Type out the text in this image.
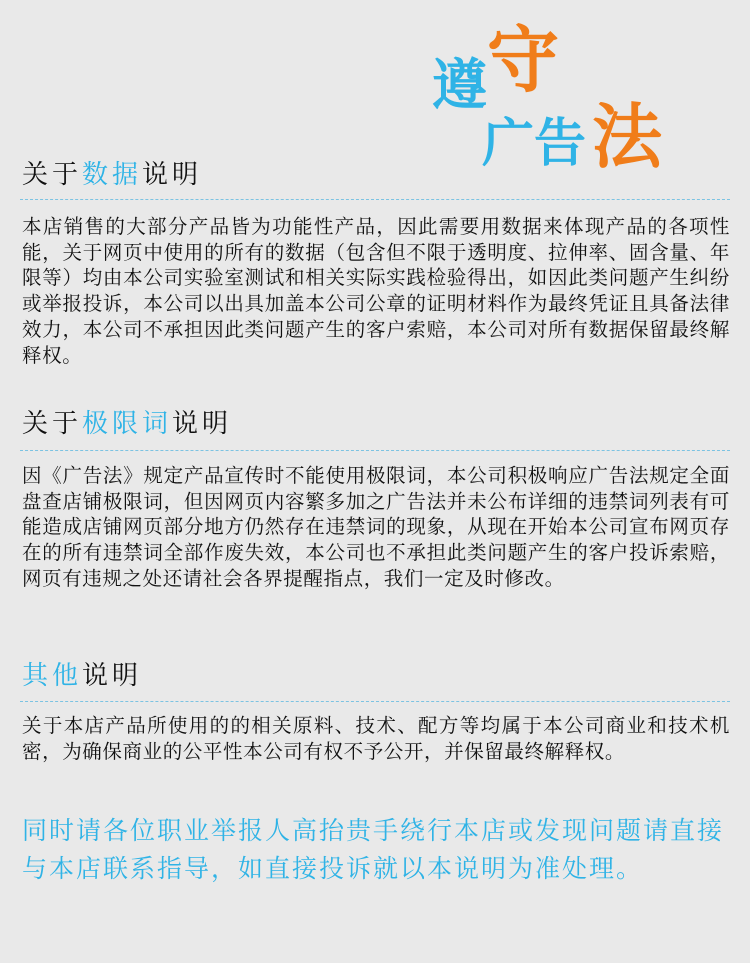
遵 守
广告 法
关于数据说明
本店销售的大部分产品皆为功能性产品，因此需要用数据来体现产品的各项性能，关于网页中使用的所有的数据（包含但不限于透明度、拉伸率、固含量、年限等）均由本公司实验室测试和相关实际实践检验得出，如因此类问题产生纠纷或举报投诉，本公司以出具加盖本公司公章的证明材料作为最终凭证且具备法律效力，本公司不承担因此类问题产生的客户索赔，本公司对所有数据保留最终解释权。
关于极限词说明
因《广告法》规定产品宣传时不能使用极限词，本公司积极响应广告法规定全面盘查店铺极限词，但因网页内容繁多加之广告法并未公布详细的违禁词列表有可能造成店铺网页部分地方仍然存在违禁词的现象，从现在开始本公司宣布网页存在的所有违禁词全部作废失效，本公司也不承担此类问题产生的客户投诉索赔，网页有违规之处还请社会各界提醒指点，我们一定及时修改。
其他说明
关于本店产品所使用的的相关原料、技术、配方等均属于本公司商业和技术机密，为确保商业的公平性本公司有权不予公开，并保留最终解释权。
同时请各位职业举报人高抬贵手绕行本店或发现问题请直接与本店联系指导，如直接投诉就以本说明为准处理。
